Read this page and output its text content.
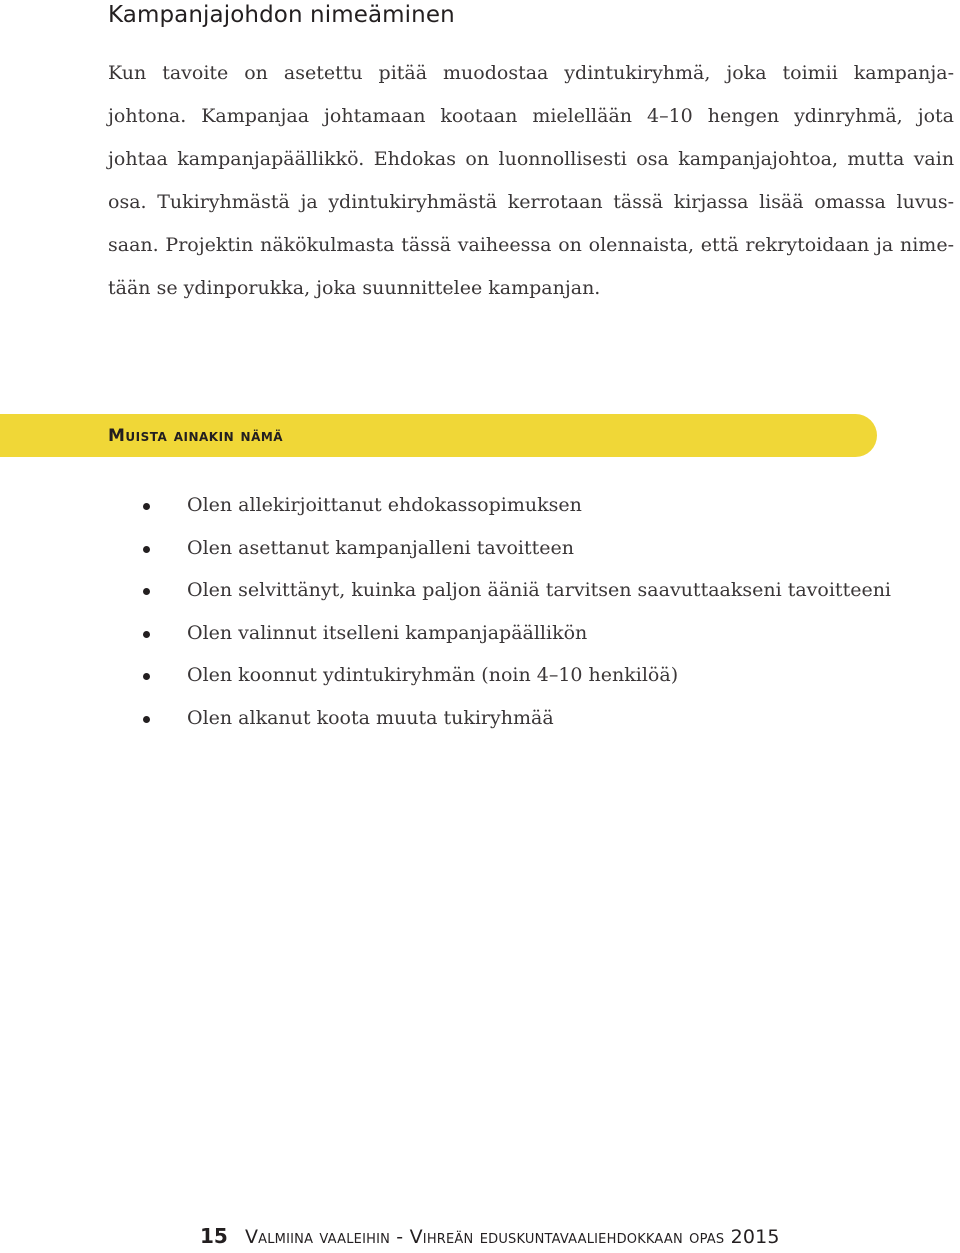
Kampanjajohdon nimeäminen

Kun tavoite on asetettu pitää muodostaa ydintukiryhmä, joka toimii kampanja-
johtona. Kampanjaa johtamaan kootaan mielellään 4–10 hengen ydinryhmä, jota
johtaa kampanjapäällikkö. Ehdokas on luonnollisesti osa kampanjajohtoa, mutta vain
osa. Tukiryhmästä ja ydintukiryhmästä kerrotaan tässä kirjassa lisää omassa luvus-
saan. Projektin näkökulmasta tässä vaiheessa on olennaista, että rekrytoidaan ja nime-
tään se ydinporukka, joka suunnittelee kampanjan.

Muista ainakin nämä
Olen allekirjoittanut ehdokassopimuksen
Olen asettanut kampanjalleni tavoitteen
Olen selvittänyt, kuinka paljon ääniä tarvitsen saavuttaakseni tavoitteeni
Olen valinnut itselleni kampanjapäällikön
Olen koonnut ydintukiryhmän (noin 4–10 henkilöä)
Olen alkanut koota muuta tukiryhmää
15 Valmiina vaaleihin - Vihreän eduskuntavaaliehdokkaan opas 2015
